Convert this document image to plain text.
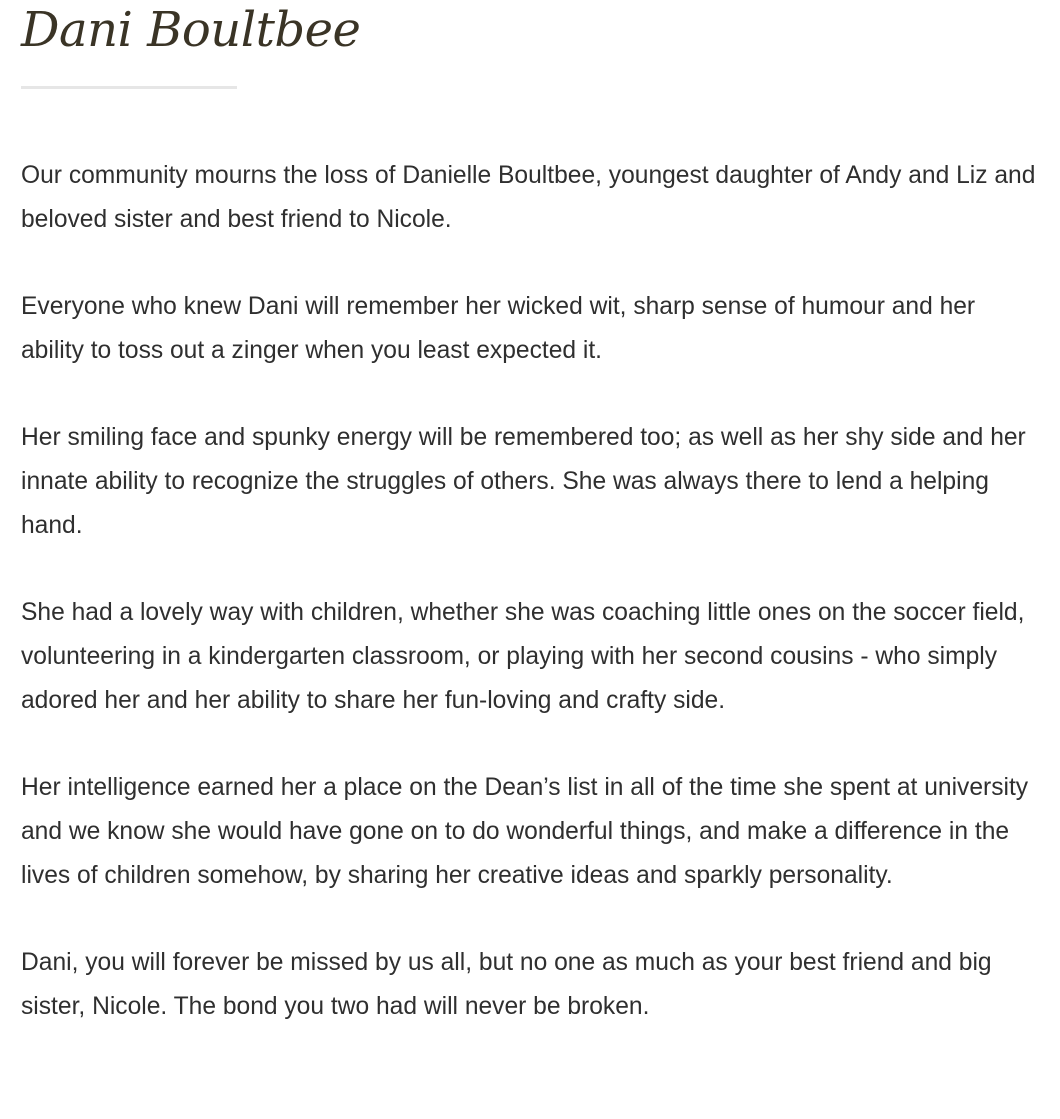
Dani Boultbee

Our community mourns the loss of Danielle Boultbee, youngest daughter of Andy and Liz and beloved sister and best friend to Nicole.

Everyone who knew Dani will remember her wicked wit, sharp sense of humour and her ability to toss out a zinger when you least expected it.

Her smiling face and spunky energy will be remembered too; as well as her shy side and her innate ability to recognize the struggles of others. She was always there to lend a helping hand.

She had a lovely way with children, whether she was coaching little ones on the soccer field, volunteering in a kindergarten classroom, or playing with her second cousins - who simply adored her and her ability to share her fun-loving and crafty side.

Her intelligence earned her a place on the Dean’s list in all of the time she spent at university and we know she would have gone on to do wonderful things, and make a difference in the lives of children somehow, by sharing her creative ideas and sparkly personality.

Dani, you will forever be missed by us all, but no one as much as your best friend and big sister, Nicole. The bond you two had will never be broken.
